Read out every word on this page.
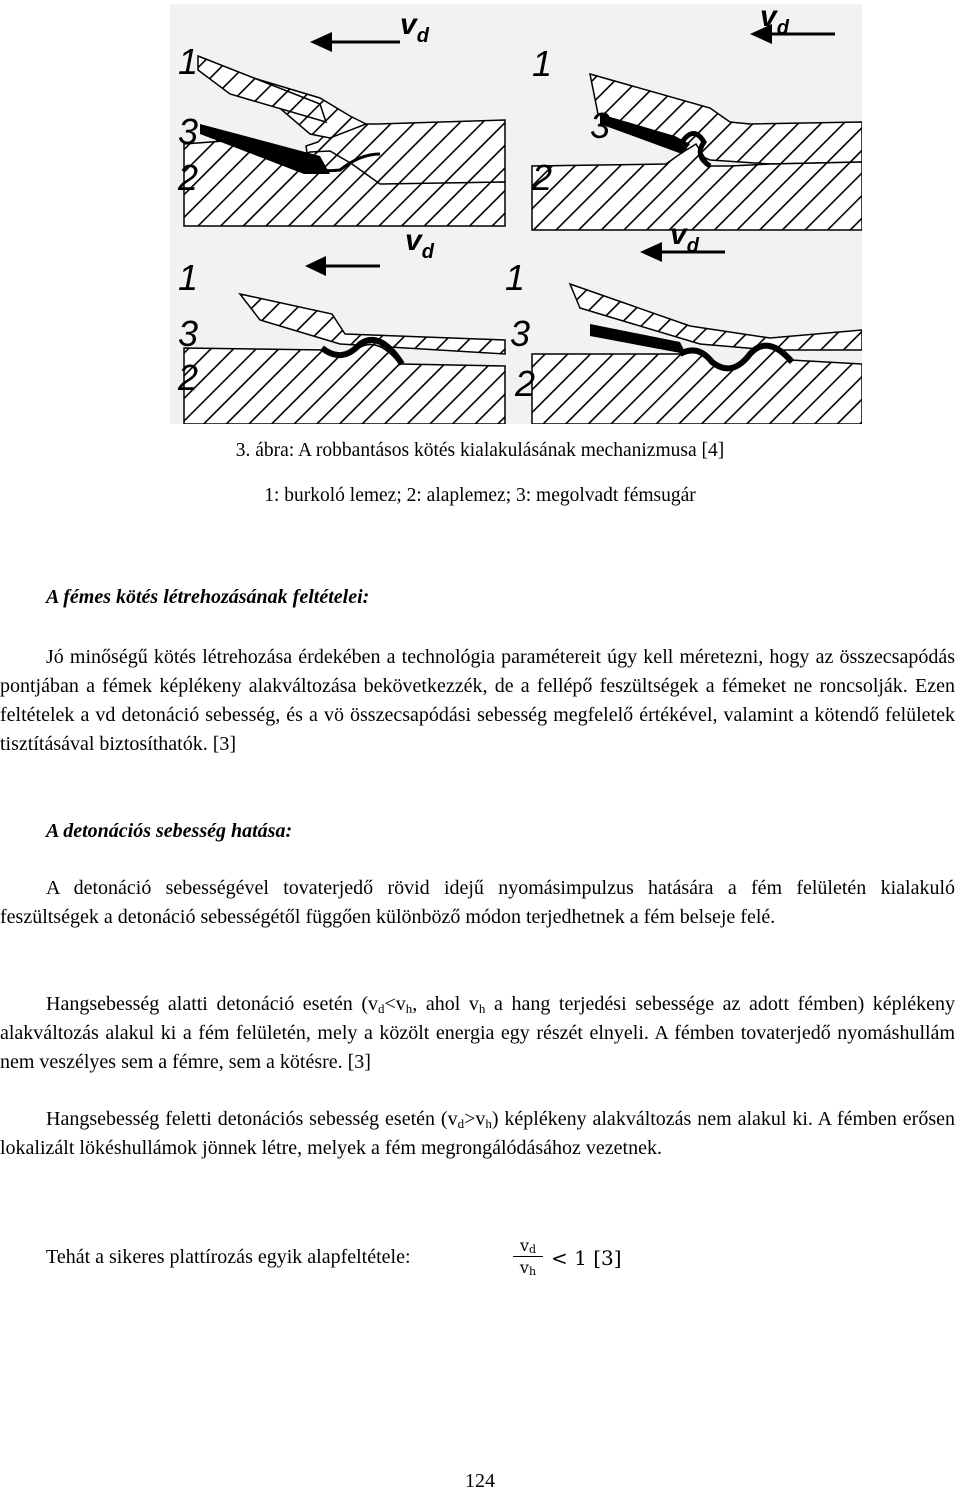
$v_d$
1
3
2
$v_d$
1
3
2
$v_d$
1
3
2
$v_d$
1
3
2
3. ábra: A robbantásos kötés kialakulásának mechanizmusa [4]
1: burkoló lemez; 2: alaplemez; 3: megolvadt fémsugár
A fémes kötés létrehozásának feltételei:
Jó minőségű kötés létrehozása érdekében a technológia paramétereit úgy kell méretezni, hogy az összecsapódás pontjában a fémek képlékeny alakváltozása bekövetkezzék, de a fellépő feszültségek a fémeket ne roncsolják. Ezen feltételek a vd detonáció sebesség, és a vö összecsapódási sebesség megfelelő értékével, valamint a kötendő felületek tisztításával biztosíthatók. [3]
A detonációs sebesség hatása:
A detonáció sebességével tovaterjedő rövid idejű nyomásimpulzus hatására a fém felületén kialakuló feszültségek a detonáció sebességétől függően különböző módon terjedhetnek a fém belseje felé.
Hangsebesség alatti detonáció esetén ($v_d<v_h$, ahol $v_h$ a hang terjedési sebessége az adott fémben) képlékeny alakváltozás alakul ki a fém felületén, mely a közölt energia egy részét elnyeli. A fémben tovaterjedő nyomáshullám nem veszélyes sem a fémre, sem a kötésre. [3]
Hangsebesség feletti detonációs sebesség esetén $(v_d>v_h)$ képlékeny alakváltozás nem alakul ki. A fémben erősen lokalizált lökéshullámok jönnek létre, melyek a fém megrongálódásához vezetnek.
Tehát a sikeres plattírozás egyik alapfeltétele:	$\frac{v_d}{v_h} < 1$ [3]
124
